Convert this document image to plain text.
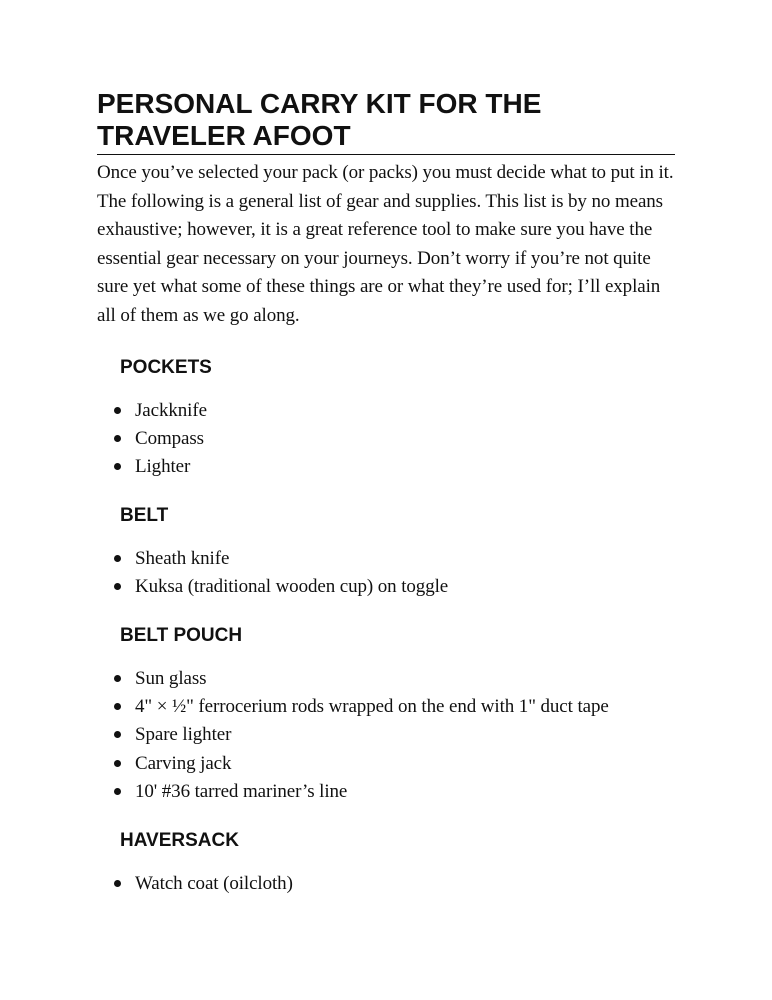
PERSONAL CARRY KIT FOR THE TRAVELER AFOOT

Once you’ve selected your pack (or packs) you must decide what to put in it. The following is a general list of gear and supplies. This list is by no means exhaustive; however, it is a great reference tool to make sure you have the essential gear necessary on your journeys. Don’t worry if you’re not quite sure yet what some of these things are or what they’re used for; I’ll explain all of them as we go along.

POCKETS
Jackknife
Compass
Lighter
BELT
Sheath knife
Kuksa (traditional wooden cup) on toggle
BELT POUCH
Sun glass
4" × ½" ferrocerium rods wrapped on the end with 1" duct tape
Spare lighter
Carving jack
10' #36 tarred mariner’s line
HAVERSACK
Watch coat (oilcloth)
